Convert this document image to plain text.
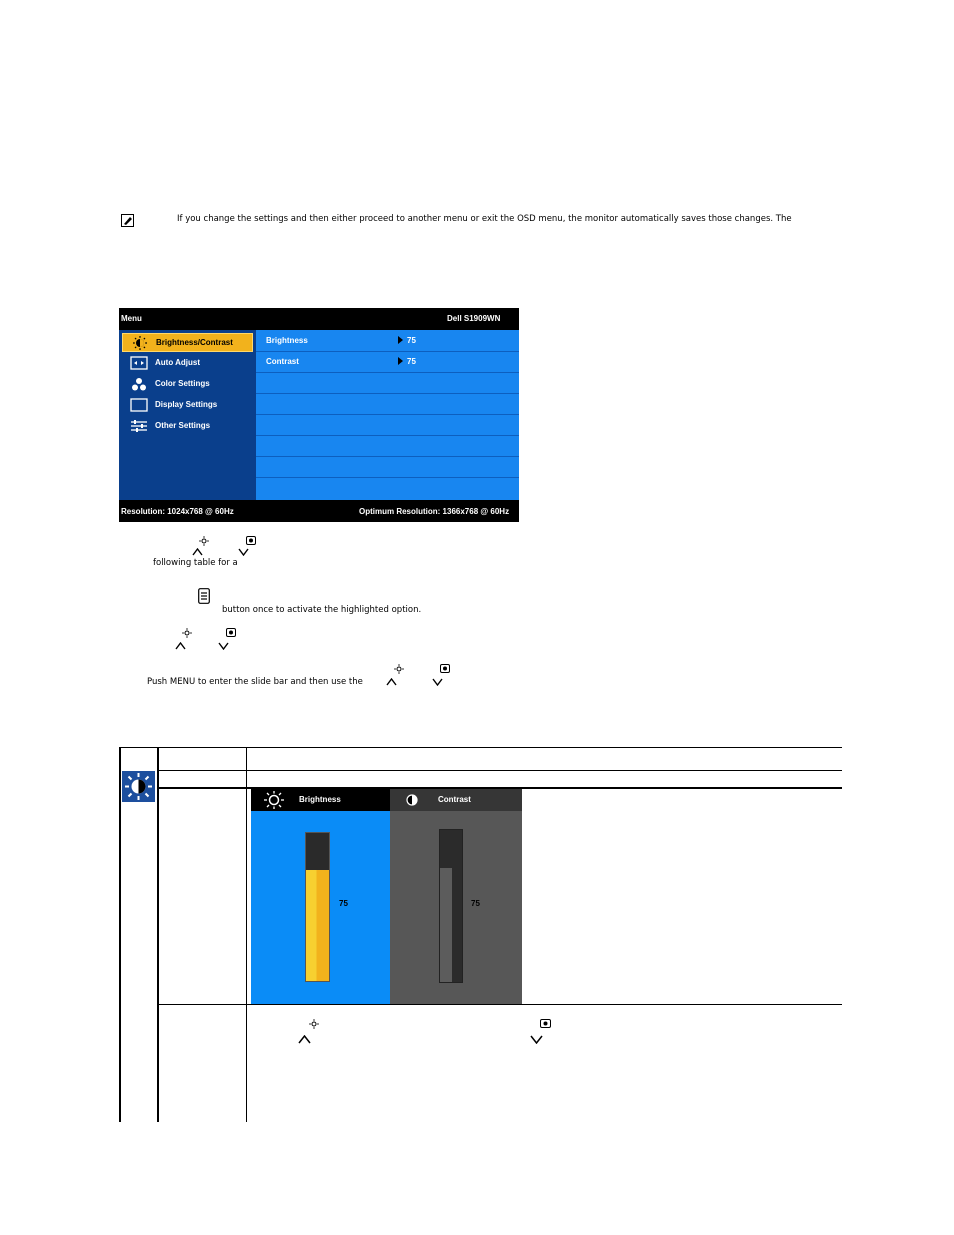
If you change the settings and then either proceed to another menu or exit the OSD menu, the monitor automatically saves those changes. The
Menu	Dell S1909WN
Brightness/Contrast
Auto Adjust
Color Settings
Display Settings
Other Settings
Brightness	75
Contrast	75
Resolution: 1024x768 @ 60Hz	Optimum Resolution: 1366x768 @ 60Hz
following table for a
button once to activate the highlighted option.
Push MENU to enter the slide bar and then use the
Brightness
75
Contrast
75
